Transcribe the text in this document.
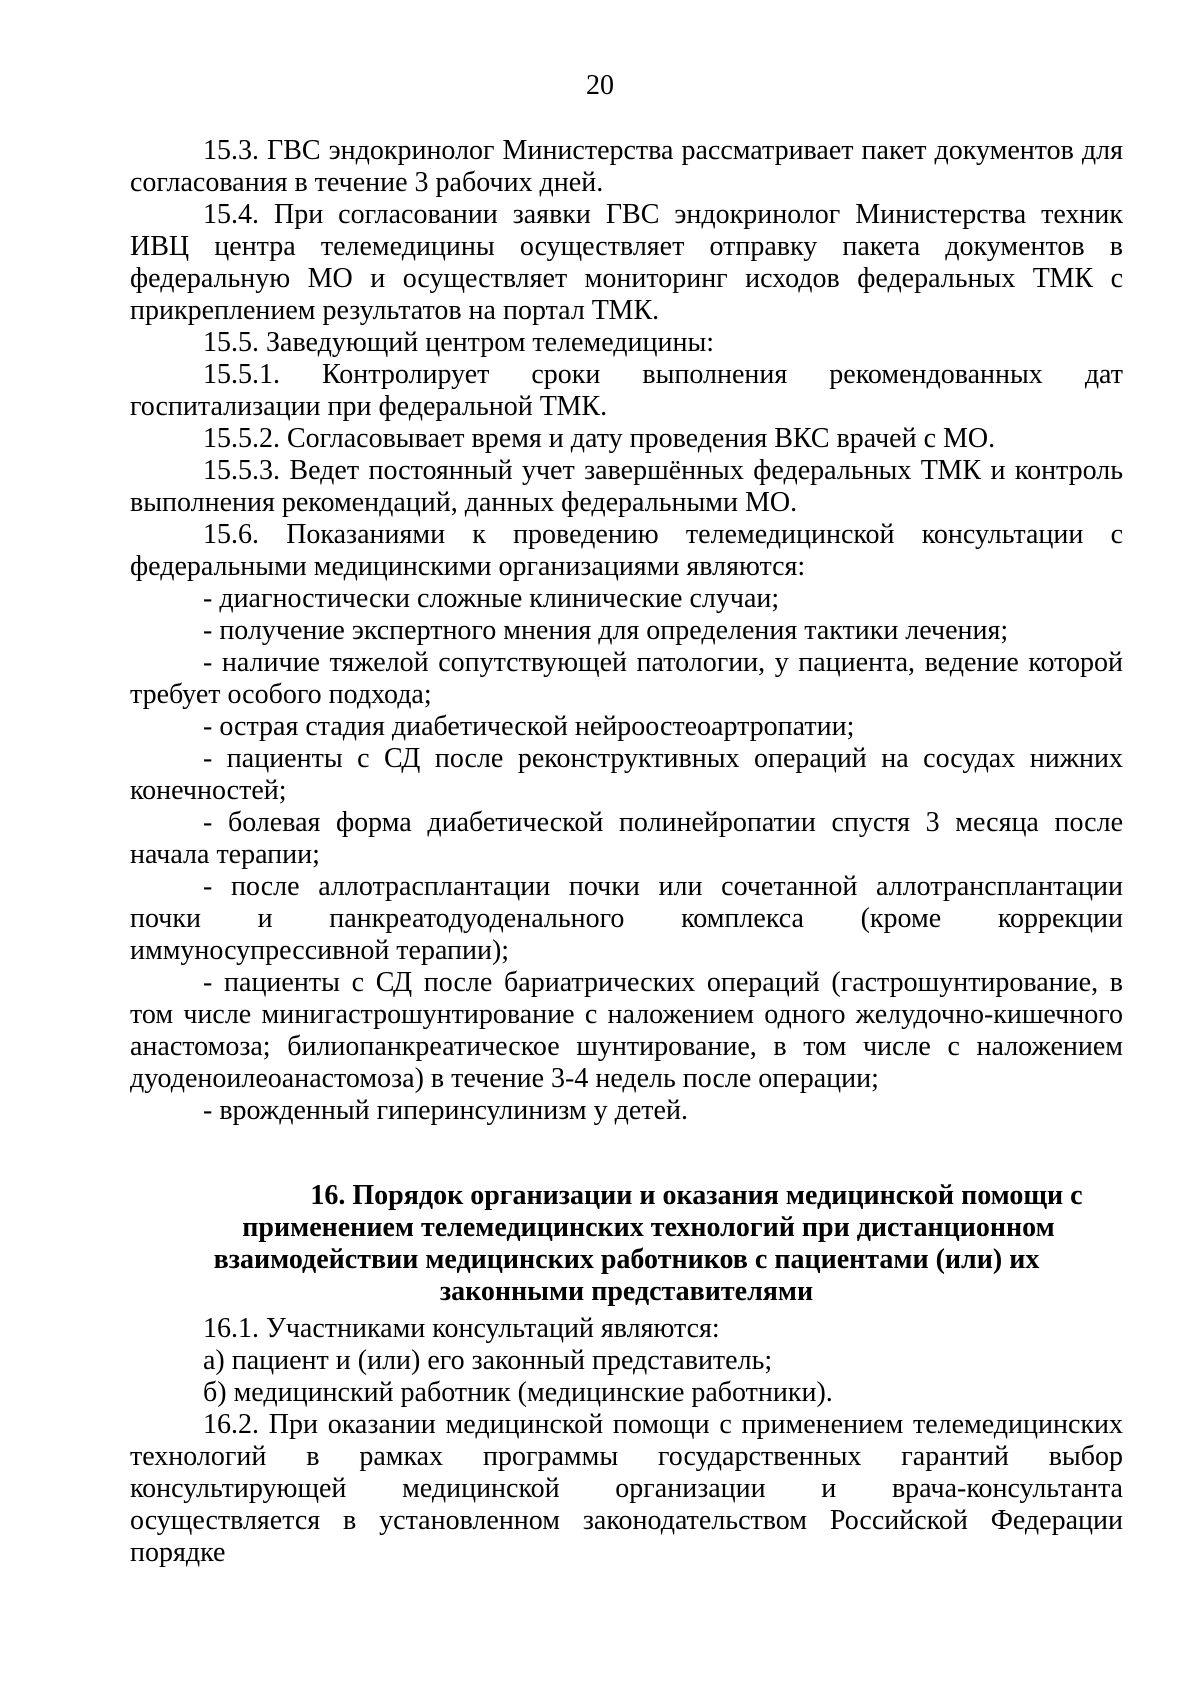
20

15.3. ГВС эндокринолог Министерства рассматривает пакет документов для согласования в течение 3 рабочих дней.

15.4. При согласовании заявки ГВС эндокринолог Министерства техник ИВЦ центра телемедицины осуществляет отправку пакета документов в федеральную МО и осуществляет мониторинг исходов федеральных ТМК с прикреплением результатов на портал ТМК.

15.5. Заведующий центром телемедицины:

15.5.1. Контролирует сроки выполнения рекомендованных дат госпитализации при федеральной ТМК.

15.5.2. Согласовывает время и дату проведения ВКС врачей с МО.

15.5.3. Ведет постоянный учет завершённых федеральных ТМК и контроль выполнения рекомендаций, данных федеральными МО.

15.6. Показаниями к проведению телемедицинской консультации с федеральными медицинскими организациями являются:

- диагностически сложные клинические случаи;

- получение экспертного мнения для определения тактики лечения;

- наличие тяжелой сопутствующей патологии, у пациента, ведение которой требует особого подхода;

- острая стадия диабетической нейроостеоартропатии;

- пациенты с СД после реконструктивных операций на сосудах нижних конечностей;

- болевая форма диабетической полинейропатии спустя 3 месяца после начала терапии;

- после аллотрасплантации почки или сочетанной аллотрансплантации почки и панкреатодуоденального комплекса (кроме коррекции иммуносупрессивной терапии);

- пациенты с СД после бариатрических операций (гастрошунтирование, в том числе минигастрошунтирование с наложением одного желудочно-кишечного анастомоза; билиопанкреатическое шунтирование, в том числе с наложением дуоденоилеоанастомоза) в течение 3-4 недель после операции;

- врожденный гиперинсулинизм у детей.

16. Порядок организации и оказания медицинской помощи с
применением телемедицинских технологий при дистанционном
взаимодействии медицинских работников с пациентами (или) их
законными представителями

16.1. Участниками консультаций являются:

а) пациент и (или) его законный представитель;

б) медицинский работник (медицинские работники).

16.2. При оказании медицинской помощи с применением телемедицинских технологий в рамках программы государственных гарантий выбор консультирующей медицинской организации и врача-консультанта осуществляется в установленном законодательством Российской Федерации порядке
